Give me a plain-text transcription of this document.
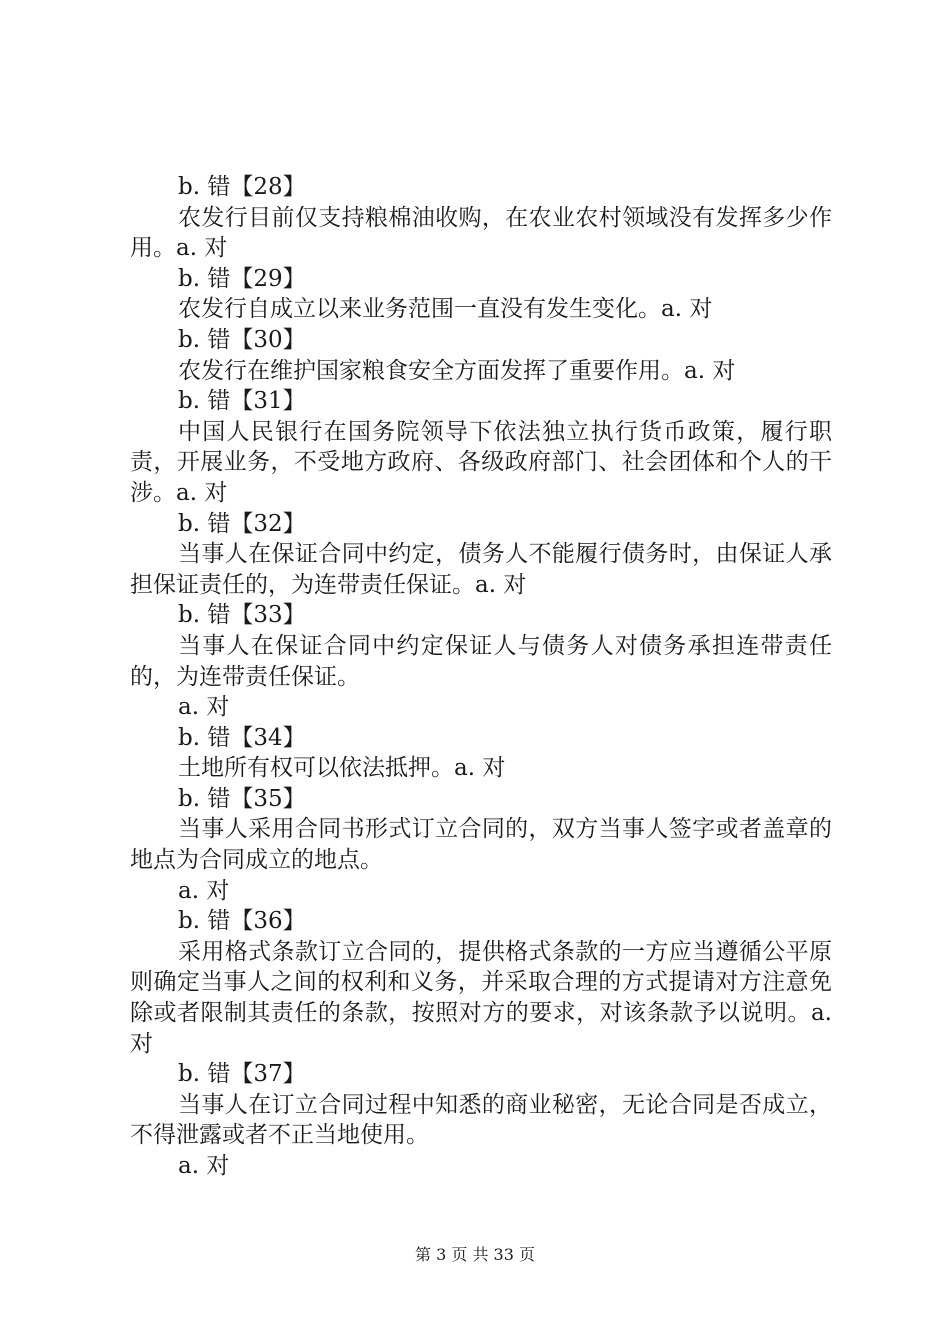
b. 错【28】

农发行目前仅支持粮棉油收购，在农业农村领域没有发挥多少作用。a. 对

b. 错【29】

农发行自成立以来业务范围一直没有发生变化。a. 对

b. 错【30】

农发行在维护国家粮食安全方面发挥了重要作用。a. 对

b. 错【31】

中国人民银行在国务院领导下依法独立执行货币政策，履行职责，开展业务，不受地方政府、各级政府部门、社会团体和个人的干涉。a. 对

b. 错【32】

当事人在保证合同中约定，债务人不能履行债务时，由保证人承担保证责任的，为连带责任保证。a. 对

b. 错【33】

当事人在保证合同中约定保证人与债务人对债务承担连带责任的，为连带责任保证。

a. 对
b. 错【34】

土地所有权可以依法抵押。a. 对

b. 错【35】

当事人采用合同书形式订立合同的，双方当事人签字或者盖章的地点为合同成立的地点。

a. 对
b. 错【36】

采用格式条款订立合同的，提供格式条款的一方应当遵循公平原则确定当事人之间的权利和义务，并采取合理的方式提请对方注意免除或者限制其责任的条款，按照对方的要求，对该条款予以说明。a. 对

b. 错【37】

当事人在订立合同过程中知悉的商业秘密，无论合同是否成立，不得泄露或者不正当地使用。

a. 对
第 3 页 共 33 页
